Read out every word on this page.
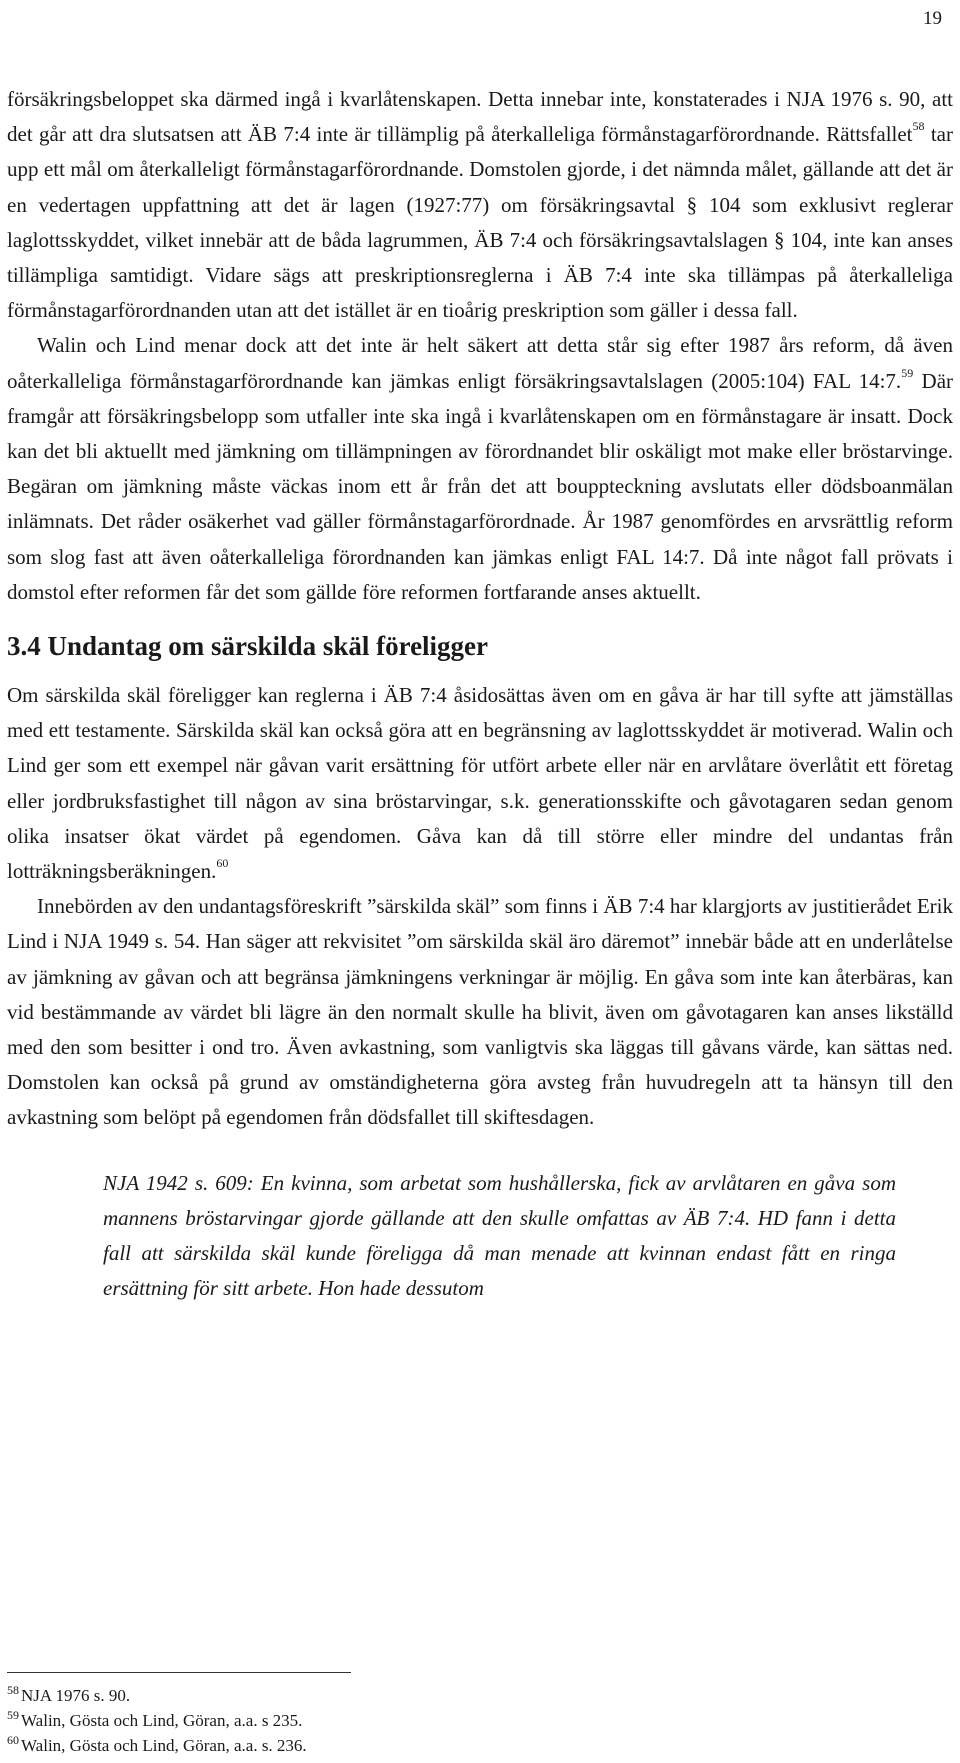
19

försäkringsbeloppet ska därmed ingå i kvarlåtenskapen. Detta innebar inte, konstaterades i NJA 1976 s. 90, att det går att dra slutsatsen att ÄB 7:4 inte är tillämplig på återkalleliga förmånstagarförordnande. Rättsfallet$^{58}$ tar upp ett mål om återkalleligt förmånstagarförordnande. Domstolen gjorde, i det nämnda målet, gällande att det är en vedertagen uppfattning att det är lagen (1927:77) om försäkringsavtal § 104 som exklusivt reglerar laglottsskyddet, vilket innebär att de båda lagrummen, ÄB 7:4 och försäkringsavtalslagen § 104, inte kan anses tillämpliga samtidigt. Vidare sägs att preskriptionsreglerna i ÄB 7:4 inte ska tillämpas på återkalleliga förmånstagarförordnanden utan att det istället är en tioårig preskription som gäller i dessa fall.

Walin och Lind menar dock att det inte är helt säkert att detta står sig efter 1987 års reform, då även oåterkalleliga förmånstagarförordnande kan jämkas enligt försäkringsavtalslagen (2005:104) FAL 14:7.59 Där framgår att försäkringsbelopp som utfaller inte ska ingå i kvarlåtenskapen om en förmånstagare är insatt. Dock kan det bli aktuellt med jämkning om tillämpningen av förordnandet blir oskäligt mot make eller bröstarvinge. Begäran om jämkning måste väckas inom ett år från det att bouppteckning avslutats eller dödsboanmälan inlämnats. Det råder osäkerhet vad gäller förmånstagarförordnade. År 1987 genomfördes en arvsrättlig reform som slog fast att även oåterkalleliga förordnanden kan jämkas enligt FAL 14:7. Då inte något fall prövats i domstol efter reformen får det som gällde före reformen fortfarande anses aktuellt.

3.4 Undantag om särskilda skäl föreligger

Om särskilda skäl föreligger kan reglerna i ÄB 7:4 åsidosättas även om en gåva är har till syfte att jämställas med ett testamente. Särskilda skäl kan också göra att en begränsning av laglottsskyddet är motiverad. Walin och Lind ger som ett exempel när gåvan varit ersättning för utfört arbete eller när en arvlåtare överlåtit ett företag eller jordbruksfastighet till någon av sina bröstarvingar, s.k. generationsskifte och gåvotagaren sedan genom olika insatser ökat värdet på egendomen. Gåva kan då till större eller mindre del undantas från lotträkningsberäkningen.$^{60}$

Innebörden av den undantagsföreskrift ”särskilda skäl” som finns i ÄB 7:4 har klargjorts av justitierådet Erik Lind i NJA 1949 s. 54. Han säger att rekvisitet ”om särskilda skäl äro däremot” innebär både att en underlåtelse av jämkning av gåvan och att begränsa jämkningens verkningar är möjlig. En gåva som inte kan återbäras, kan vid bestämmande av värdet bli lägre än den normalt skulle ha blivit, även om gåvotagaren kan anses likställd med den som besitter i ond tro. Även avkastning, som vanligtvis ska läggas till gåvans värde, kan sättas ned. Domstolen kan också på grund av omständigheterna göra avsteg från huvudregeln att ta hänsyn till den avkastning som belöpt på egendomen från dödsfallet till skiftesdagen.

NJA 1942 s. 609: En kvinna, som arbetat som hushållerska, fick av arvlåtaren en gåva som mannens bröstarvingar gjorde gällande att den skulle omfattas av ÄB 7:4. HD fann i detta fall att särskilda skäl kunde föreligga då man menade att kvinnan endast fått en ringa ersättning för sitt arbete. Hon hade dessutom

$^{58}$ NJA 1976 s. 90.

$^{59}$ Walin, Gösta och Lind, Göran, a.a. s 235.

$^{60}$ Walin, Gösta och Lind, Göran, a.a. s. 236.
